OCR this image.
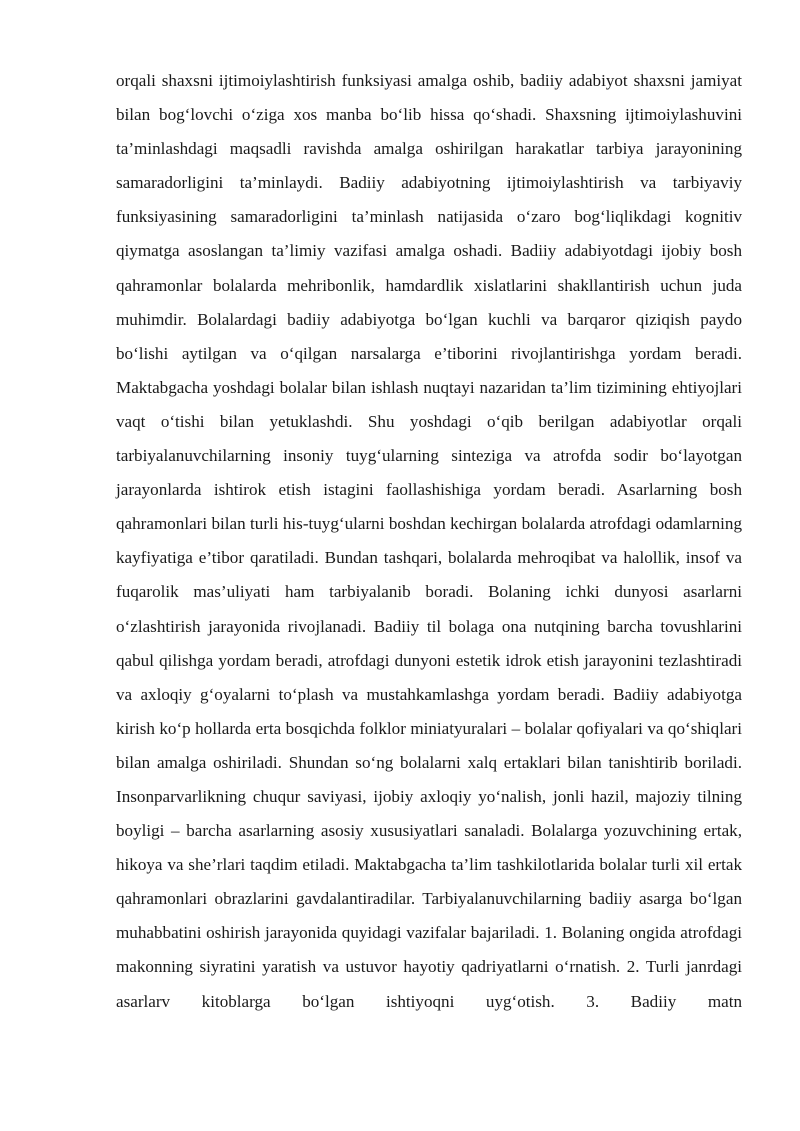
orqali shaxsni ijtimoiylashtirish funksiyasi amalga oshib, badiiy adabiyot shaxsni jamiyat bilan bog‘lovchi o‘ziga xos manba bo‘lib hissa qo‘shadi. Shaxsning ijtimoiylashuvini ta’minlashdagi maqsadli ravishda amalga oshirilgan harakatlar tarbiya jarayonining samaradorligini ta’minlaydi. Badiiy adabiyotning ijtimoiylashtirish va tarbiyaviy funksiyasining samaradorligini ta’minlash natijasida o‘zaro bog‘liqlikdagi kognitiv qiymatga asoslangan ta’limiy vazifasi amalga oshadi. Badiiy adabiyotdagi ijobiy bosh qahramonlar bolalarda mehribonlik, hamdardlik xislatlarini shakllantirish uchun juda muhimdir. Bolalardagi badiiy adabiyotga bo‘lgan kuchli va barqaror qiziqish paydo bo‘lishi aytilgan va o‘qilgan narsalarga e’tiborini rivojlantirishga yordam beradi. Maktabgacha yoshdagi bolalar bilan ishlash nuqtayi nazaridan ta’lim tizimining ehtiyojlari vaqt o‘tishi bilan yetuklashdi. Shu yoshdagi o‘qib berilgan adabiyotlar orqali tarbiyalanuvchilarning insoniy tuyg‘ularning sinteziga va atrofda sodir bo‘layotgan jarayonlarda ishtirok etish istagini faollashishiga yordam beradi. Asarlarning bosh qahramonlari bilan turli his-tuyg‘ularni boshdan kechirgan bolalarda atrofdagi odamlarning kayfiyatiga e’tibor qaratiladi. Bundan tashqari, bolalarda mehroqibat va halollik, insof va fuqarolik mas’uliyati ham tarbiyalanib boradi. Bolaning ichki dunyosi asarlarni o‘zlashtirish jarayonida rivojlanadi. Badiiy til bolaga ona nutqining barcha tovushlarini qabul qilishga yordam beradi, atrofdagi dunyoni estetik idrok etish jarayonini tezlashtiradi va axloqiy g‘oyalarni to‘plash va mustahkamlashga yordam beradi. Badiiy adabiyotga kirish ko‘p hollarda erta bosqichda folklor miniatyuralari – bolalar qofiyalari va qo‘shiqlari bilan amalga oshiriladi. Shundan so‘ng bolalarni xalq ertaklari bilan tanishtirib boriladi. Insonparvarlikning chuqur saviyasi, ijobiy axloqiy yo‘nalish, jonli hazil, majoziy tilning boyligi – barcha asarlarning asosiy xususiyatlari sanaladi. Bolalarga yozuvchining ertak, hikoya va she’rlari taqdim etiladi. Maktabgacha ta’lim tashkilotlarida bolalar turli xil ertak qahramonlari obrazlarini gavdalantiradilar. Tarbiyalanuvchilarning badiiy asarga bo‘lgan muhabbatini oshirish jarayonida quyidagi vazifalar bajariladi. 1. Bolaning ongida atrofdagi makonning siyratini yaratish va ustuvor hayotiy qadriyatlarni o‘rnatish. 2. Turli janrdagi asarlarv kitoblarga bo‘lgan ishtiyoqni uyg‘otish. 3. Badiiy matn
